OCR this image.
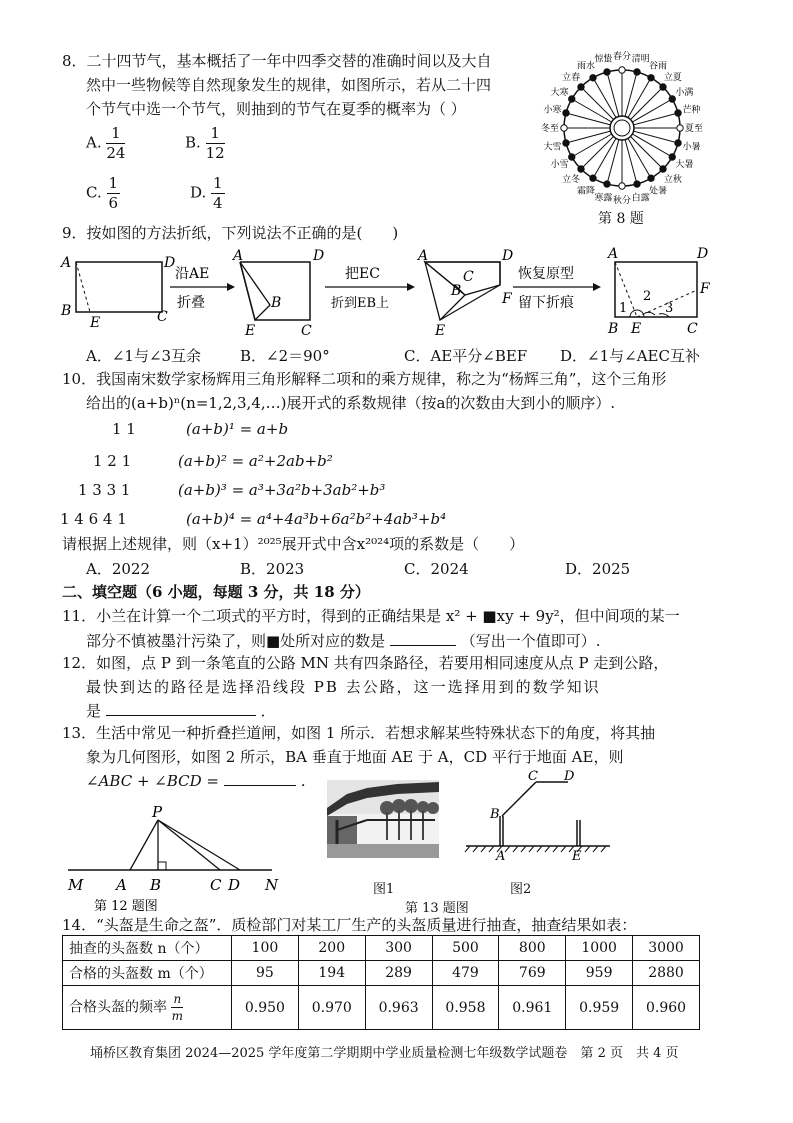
8．二十四节气，基本概括了一年中四季交替的准确时间以及大自
然中一些物候等自然现象发生的规律，如图所示，若从二十四
个节气中选一个节气，则抽到的节气在夏季的概率为（ ）
A. $\frac{1}{24}$	B. $\frac{1}{12}$
C. $\frac{1}{6}$	D. $\frac{1}{4}$
春分 清明
谷雨
立夏
小满
芒种
夏至
小暑
大暑
立秋
处暑
白露
秋分
寒露
霜降
立冬
小雪
大雪
冬至
小寒
大寒
立春
雨水
惊蛰
第 8 题
9．按如图的方法折纸，下列说法不正确的是(　　)
A	D
B
E	C
沿AE
折叠
A	D
B
E	C
把EC
折到EB上
A	D
B
C
F
E
恢复原型
留下折痕
A	D
F
B E	C
1
2
3
A．∠1与∠3互余	B．∠2＝90°	C．AE平分∠BEF D．∠1与∠AEC互补
10．我国南宋数学家杨辉用三角形解释二项和的乘方规律，称之为“杨辉三角”，这个三角形
给出的(a+b)ⁿ(n=1,2,3,4,…)展开式的系数规律（按a的次数由大到小的顺序）.
1 1	(a+b)¹ = a+b
1 2 1	(a+b)² = a²+2ab+b²
1 3 3 1	(a+b)³ = a³+3a²b+3ab²+b³
1 4 6 4 1	(a+b)⁴ = a⁴+4a³b+6a²b²+4ab³+b⁴
请根据上述规律，则（x+1）²⁰²⁵展开式中含x²⁰²⁴项的系数是（　　）
A．2022	B．2023	C．2024	D．2025
二、填空题（6 小题，每题 3 分，共 18 分）
11．小兰在计算一个二项式的平方时，得到的正确结果是 x² + ■xy + 9y²，但中间项的某一
部分不慎被墨汁污染了，则■处所对应的数是	（写出一个值即可）.
12．如图，点 P 到一条笔直的公路 MN 共有四条路径，若要用相同速度从点 P 走到公路，
最快到达的路径是选择沿线段 PB 去公路，这一选择用到的数学知识
是	．
13．生活中常见一种折叠拦道闸，如图 1 所示．若想求解某些特殊状态下的角度，将其抽
象为几何图形，如图 2 所示，BA 垂直于地面 AE 于 A，CD 平行于地面 AE，则
∠ABC + ∠BCD =	．
P
M A B	C D N
第 12 题图
图1
B
C D
A	E
图2
第 13 题图
14．“头盔是生命之盔”．质检部门对某工厂生产的头盔质量进行抽查，抽查结果如表：
抽查的头盔数 n（个）	100	200	300	500	800	1000	3000
合格的头盔数 m（个）	95	194	289	479	769	959	2880
合格头盔的频率 $\frac{n}{m}$	0.950	0.970	0.963	0.958	0.961	0.959	0.960
埇桥区教育集团 2024—2025 学年度第二学期期中学业质量检测七年级数学试题卷　第 2 页　共 4 页
